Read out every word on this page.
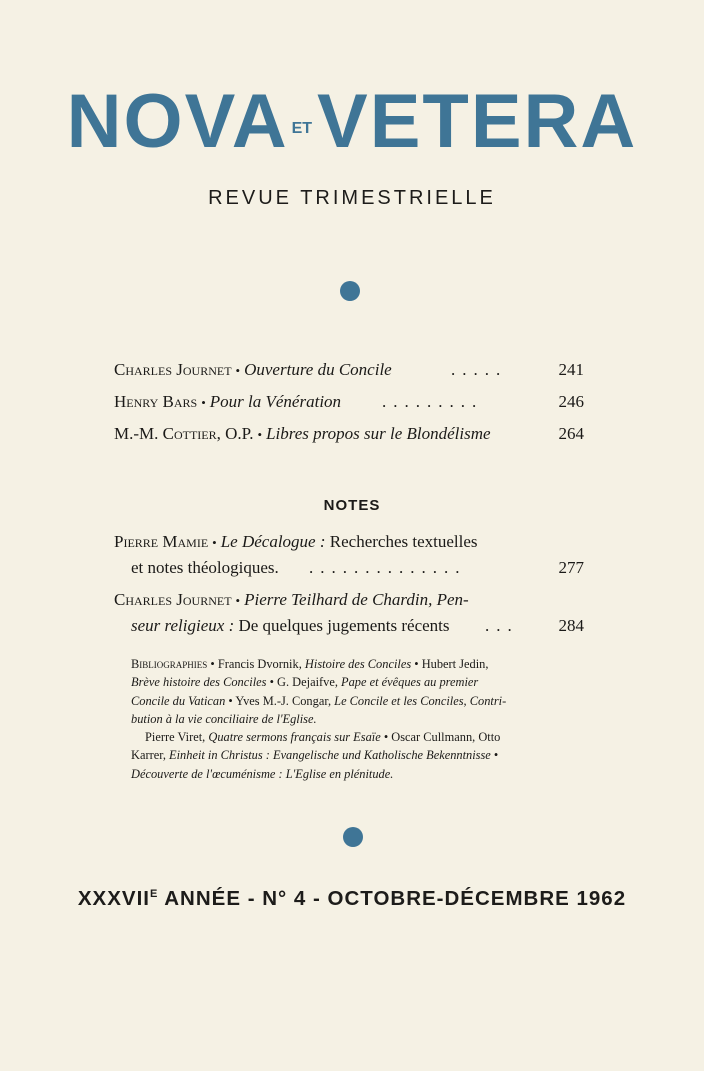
NOVA ETVETERA
REVUE TRIMESTRIELLE
Charles Journet • Ouverture du Concile	.....	241
Henry Bars • Pour la Vénération .........	246
M.-M. Cottier, O.P. • Libres propos sur le Blondélisme	264
NOTES
Pierre Mamie • Le Décalogue : Recherches textuelles
et notes théologiques. ..............	277
Charles Journet • Pierre Teilhard de Chardin, Pen-
seur religieux : De quelques jugements récents ... 284
Bibliographies • Francis Dvornik, Histoire des Conciles • Hubert Jedin,
Brève histoire des Conciles • G. Dejaifve, Pape et évêques au premier
Concile du Vatican • Yves M.-J. Congar, Le Concile et les Conciles, Contri-
bution à la vie conciliaire de l'Eglise.
Pierre Viret, Quatre sermons français sur Esaïe • Oscar Cullmann, Otto
Karrer, Einheit in Christus : Evangelische und Katholische Bekenntnisse •
Découverte de l'œcuménisme : L'Eglise en plénitude.
$XXXVII^E$ ANNÉE - N° 4 - OCTOBRE-DÉCEMBRE 1962
